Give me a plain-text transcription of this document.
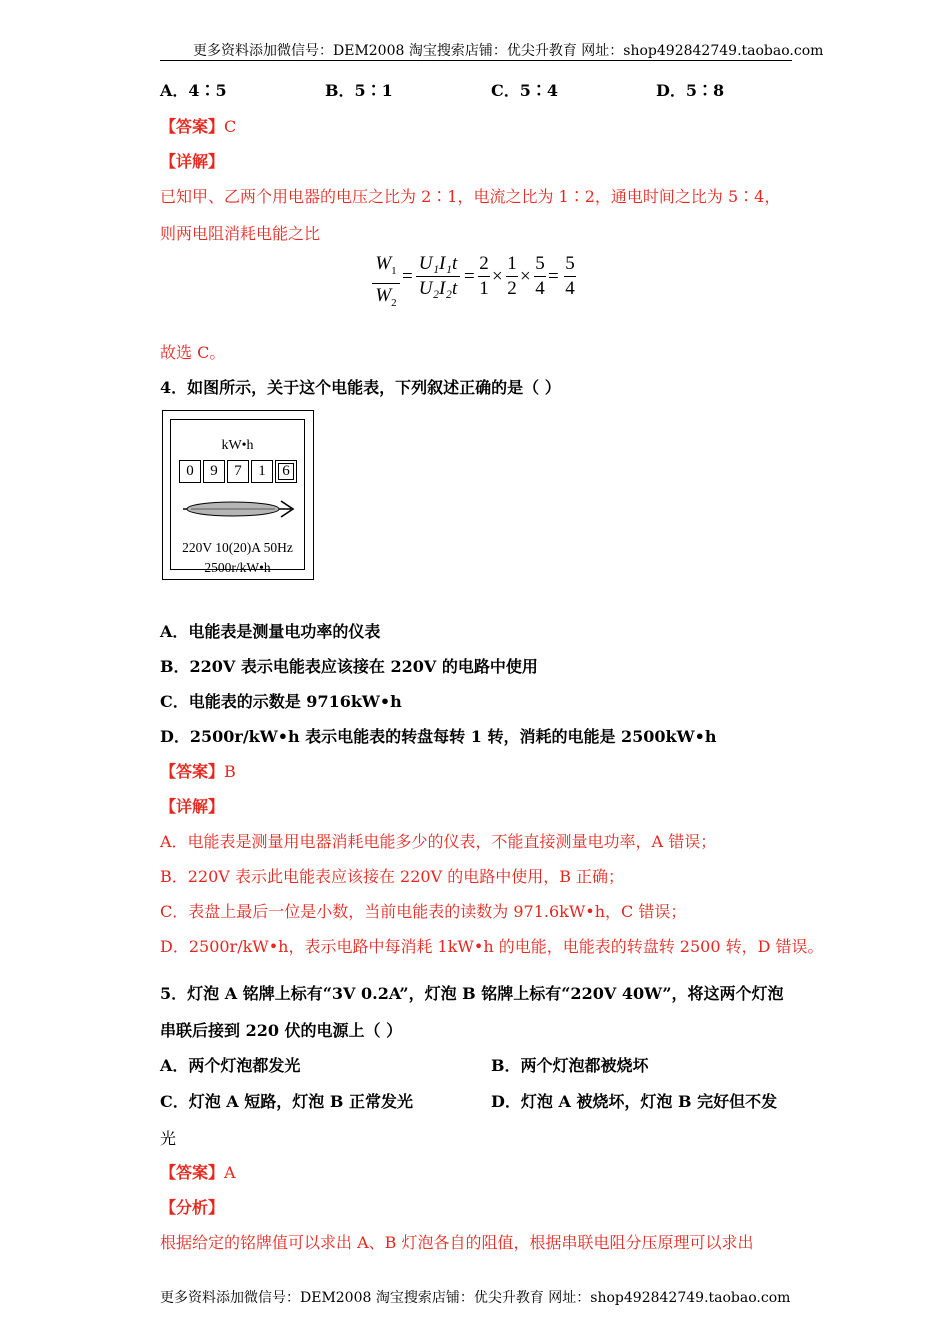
更多资料添加微信号：DEM2008 淘宝搜索店铺：优尖升教育 网址：shop492842749.taobao.com
A．4∶5	B．5∶1	C．5∶4	D．5∶8
【答案】C
【详解】
已知甲、乙两个用电器的电压之比为 2∶1，电流之比为 1∶2，通电时间之比为 5∶4，
则两电阻消耗电能之比
$W_1$
$W_2$
=
U₁I₁t
U₂I₂t
=
2
1
×
1
2
×
5
4
=
5
4
故选 C。
4．如图所示，关于这个电能表，下列叙述正确的是（ ）
kW•h
0	9	7	1	6
220V 10(20)A 50Hz
2500r/kW•h
A．电能表是测量电功率的仪表
B．220V 表示电能表应该接在 220V 的电路中使用
C．电能表的示数是 9716kW•h
D．2500r/kW•h 表示电能表的转盘每转 1 转，消耗的电能是 2500kW•h
【答案】B
【详解】
A．电能表是测量用电器消耗电能多少的仪表，不能直接测量电功率，A 错误；
B．220V 表示此电能表应该接在 220V 的电路中使用，B 正确；
C．表盘上最后一位是小数，当前电能表的读数为 971.6kW•h，C 错误；
D．2500r/kW•h，表示电路中每消耗 1kW•h 的电能，电能表的转盘转 2500 转，D 错误。
5．灯泡 A 铭牌上标有“3V 0.2A”，灯泡 B 铭牌上标有“220V 40W”，将这两个灯泡
串联后接到 220 伏的电源上（ ）
A．两个灯泡都发光	B．两个灯泡都被烧坏
C．灯泡 A 短路，灯泡 B 正常发光	D．灯泡 A 被烧坏，灯泡 B 完好但不发
光
【答案】A
【分析】
根据给定的铭牌值可以求出 A、B 灯泡各自的阻值，根据串联电阻分压原理可以求出
更多资料添加微信号：DEM2008 淘宝搜索店铺：优尖升教育 网址：shop492842749.taobao.com
